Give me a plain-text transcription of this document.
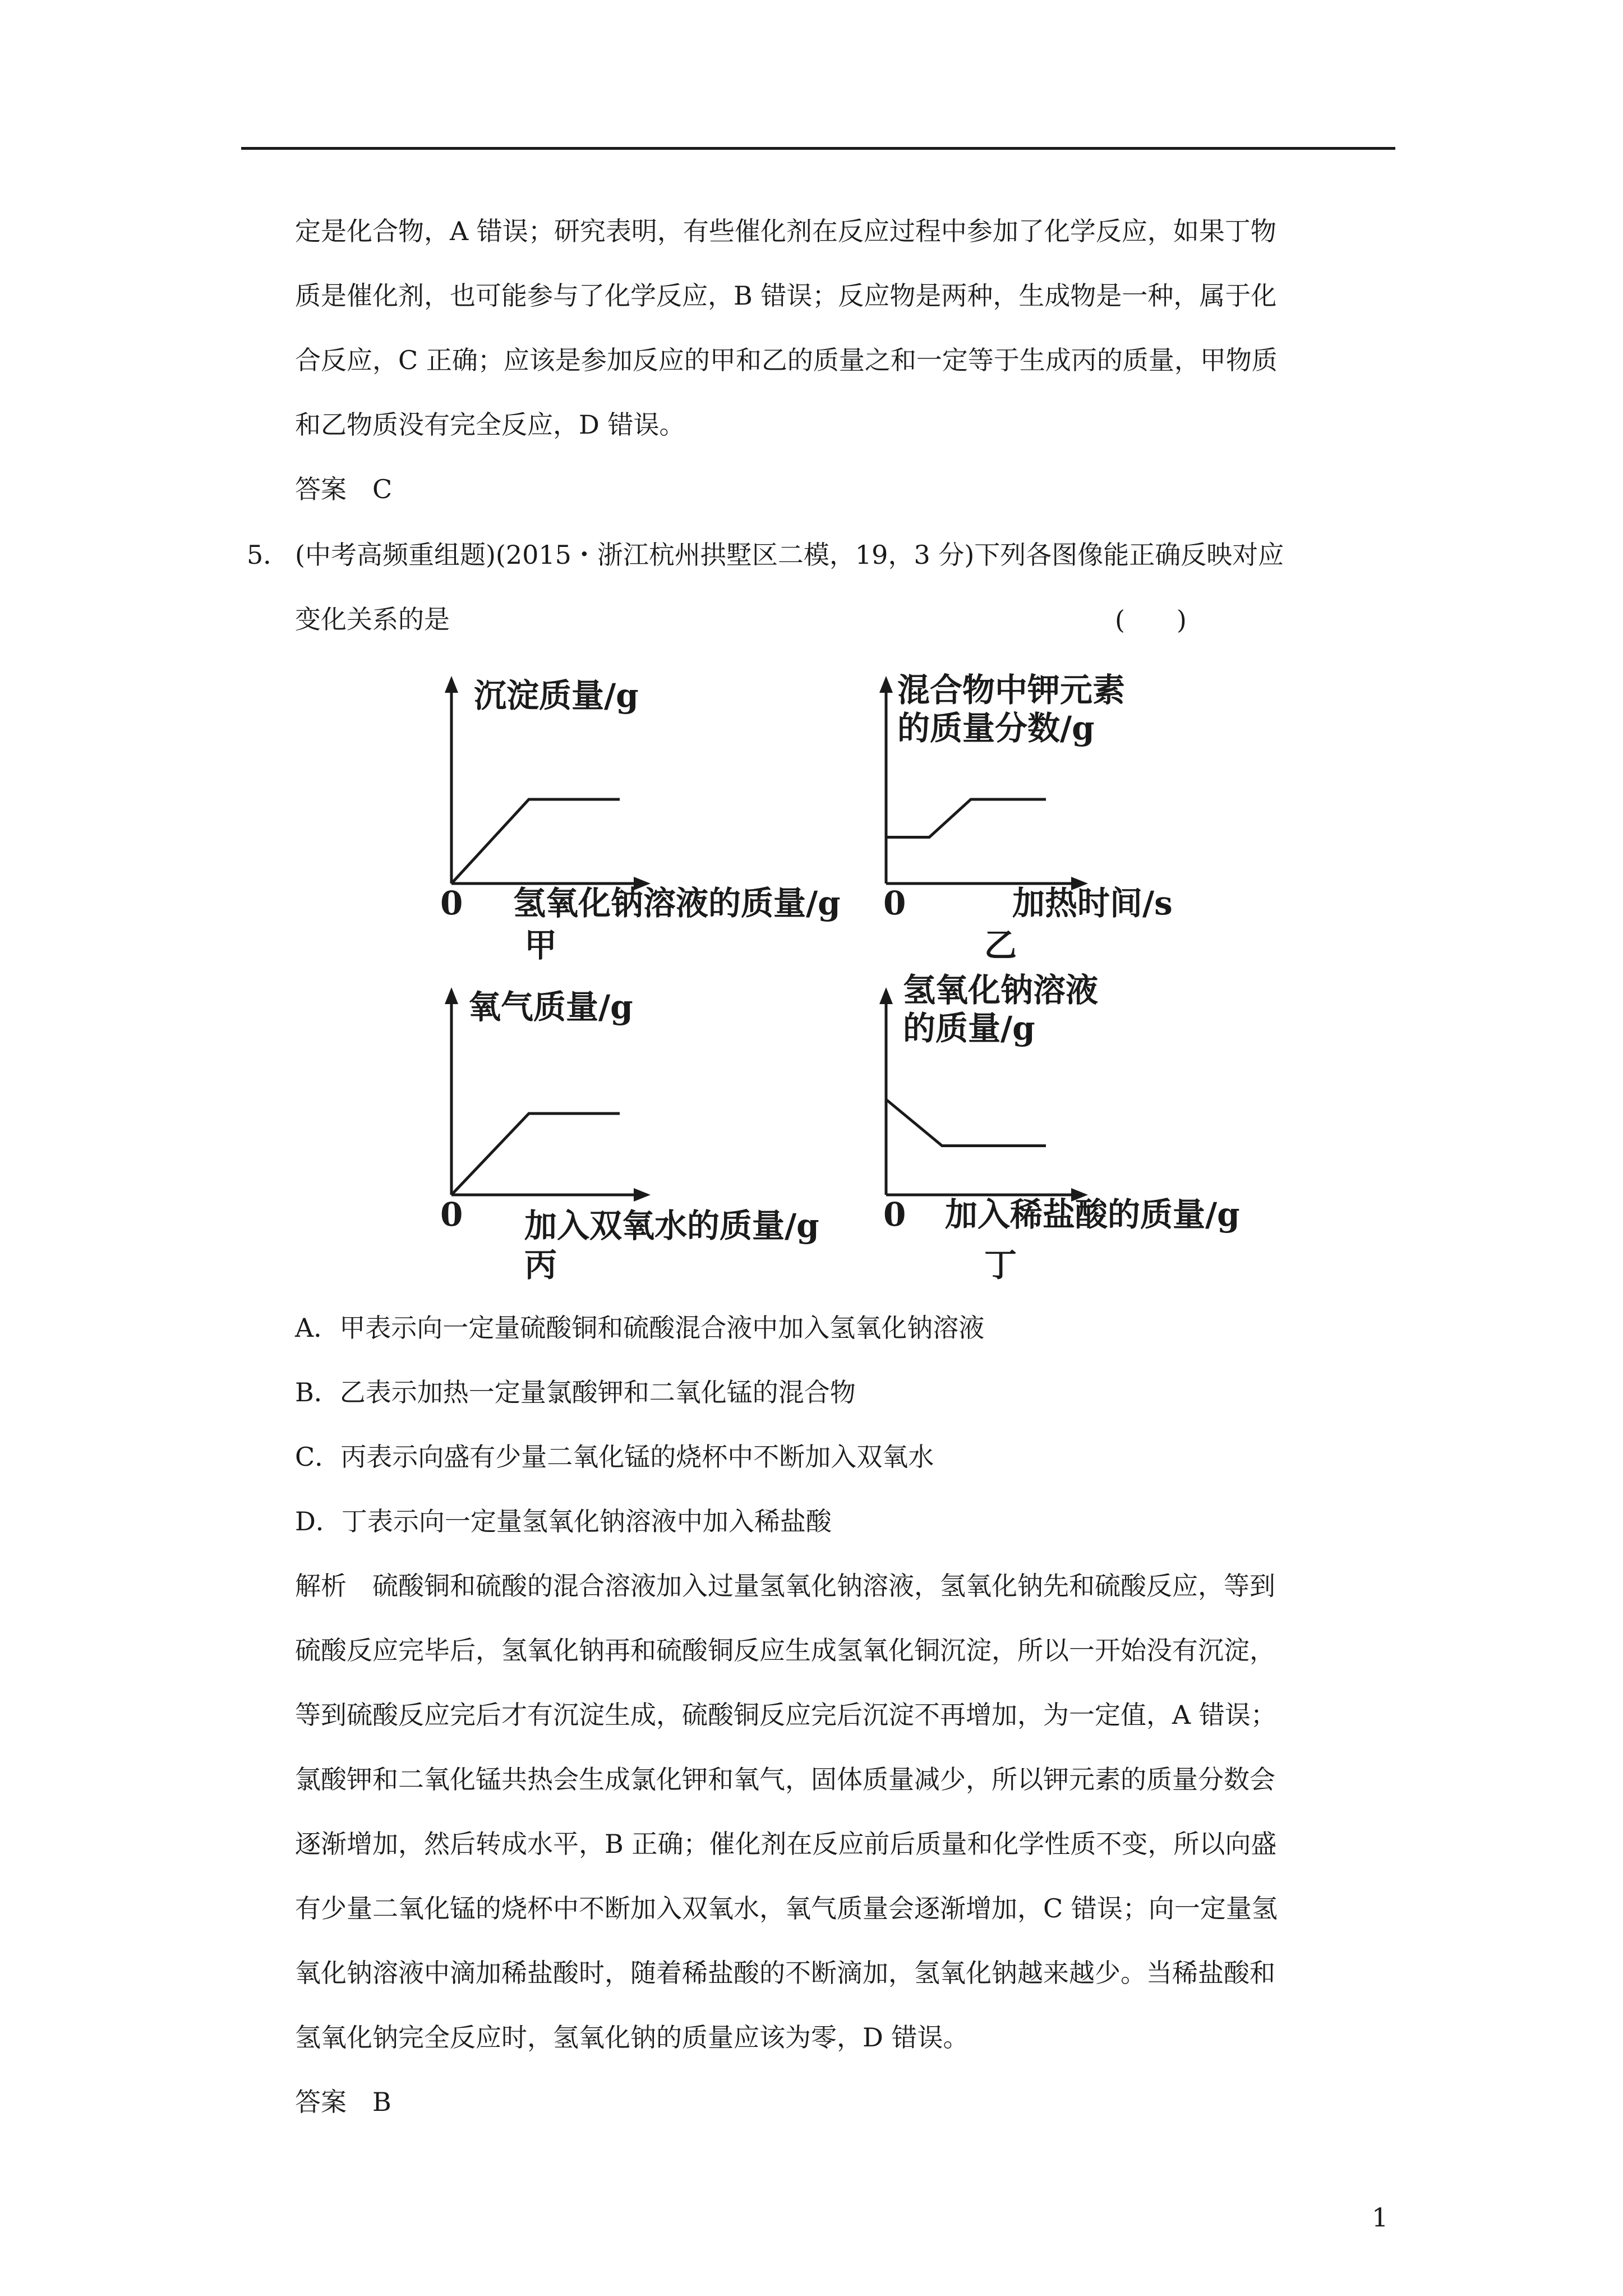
定是化合物，A 错误；研究表明，有些催化剂在反应过程中参加了化学反应，如果丁物
质是催化剂，也可能参与了化学反应，B 错误；反应物是两种，生成物是一种，属于化
合反应，C 正确；应该是参加反应的甲和乙的质量之和一定等于生成丙的质量，甲物质
和乙物质没有完全反应，D 错误。
答案　C
5． (中考高频重组题)(2015・浙江杭州拱墅区二模，19，3 分)下列各图像能正确反映对应
变化关系的是	(　　)
沉淀质量/g
0 氢氧化钠溶液的质量/g
甲
混合物中钾元素
的质量分数/g
0	加热时间/s
乙
氧气质量/g
0 加入双氧水的质量/g
丙
氢氧化钠溶液
的质量/g
0 加入稀盐酸的质量/g
丁
A．甲表示向一定量硫酸铜和硫酸混合液中加入氢氧化钠溶液
B．乙表示加热一定量氯酸钾和二氧化锰的混合物
C．丙表示向盛有少量二氧化锰的烧杯中不断加入双氧水
D．丁表示向一定量氢氧化钠溶液中加入稀盐酸
解析　硫酸铜和硫酸的混合溶液加入过量氢氧化钠溶液，氢氧化钠先和硫酸反应，等到
硫酸反应完毕后，氢氧化钠再和硫酸铜反应生成氢氧化铜沉淀，所以一开始没有沉淀，
等到硫酸反应完后才有沉淀生成，硫酸铜反应完后沉淀不再增加，为一定值，A 错误；
氯酸钾和二氧化锰共热会生成氯化钾和氧气，固体质量减少，所以钾元素的质量分数会
逐渐增加，然后转成水平，B 正确；催化剂在反应前后质量和化学性质不变，所以向盛
有少量二氧化锰的烧杯中不断加入双氧水，氧气质量会逐渐增加，C 错误；向一定量氢
氧化钠溶液中滴加稀盐酸时，随着稀盐酸的不断滴加，氢氧化钠越来越少。当稀盐酸和
氢氧化钠完全反应时，氢氧化钠的质量应该为零，D 错误。
答案　B
1
